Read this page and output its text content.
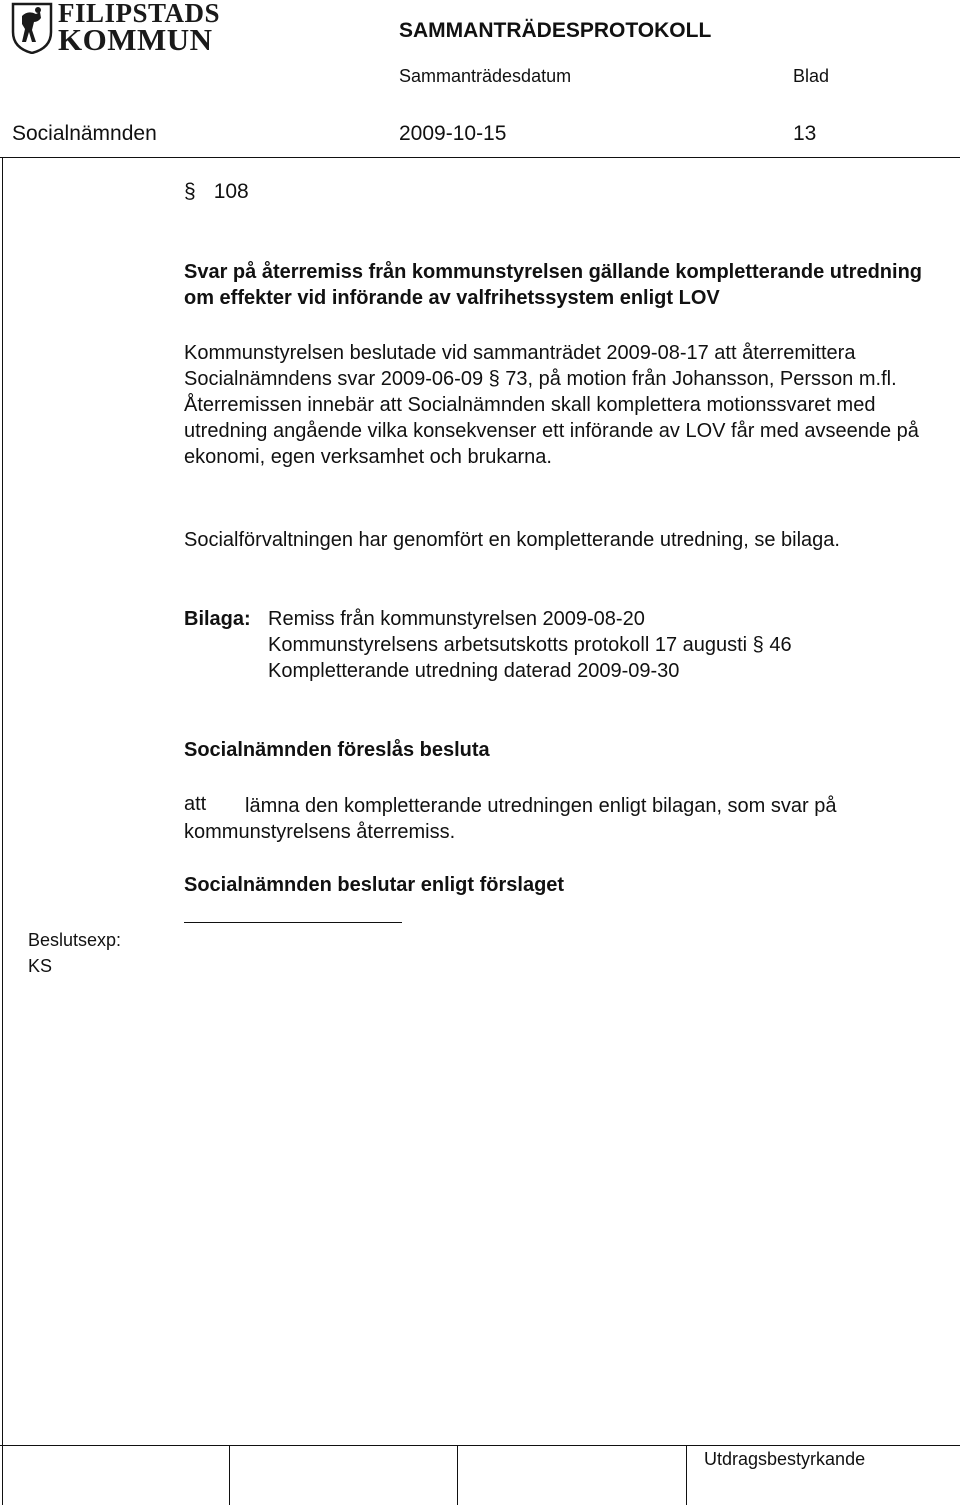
FILIPSTADS
KOMMUN	SAMMANTRÄDESPROTOKOLL
Sammanträdesdatum	Blad
Socialnämnden	2009-10-15	13
§ 108
Svar på återremiss från kommunstyrelsen gällande kompletterande utredning om effekter vid införande av valfrihetssystem enligt LOV
Kommunstyrelsen beslutade vid sammanträdet 2009-08-17 att återremittera Socialnämndens svar 2009-06-09 § 73, på motion från Johansson, Persson m.fl. Återremissen innebär att Socialnämnden skall komplettera motionssvaret med utredning angående vilka konsekvenser ett införande av LOV får med avseende på ekonomi, egen verksamhet och brukarna.
Socialförvaltningen har genomfört en kompletterande utredning, se bilaga.
Bilaga: Remiss från kommunstyrelsen 2009-08-20
Kommunstyrelsens arbetsutskotts protokoll 17 augusti § 46
Kompletterande utredning daterad 2009-09-30
Socialnämnden föreslås besluta
att	lämna den kompletterande utredningen enligt bilagan, som svar på kommunstyrelsens återremiss.
Socialnämnden beslutar enligt förslaget
Beslutsexp:
KS
Utdragsbestyrkande
